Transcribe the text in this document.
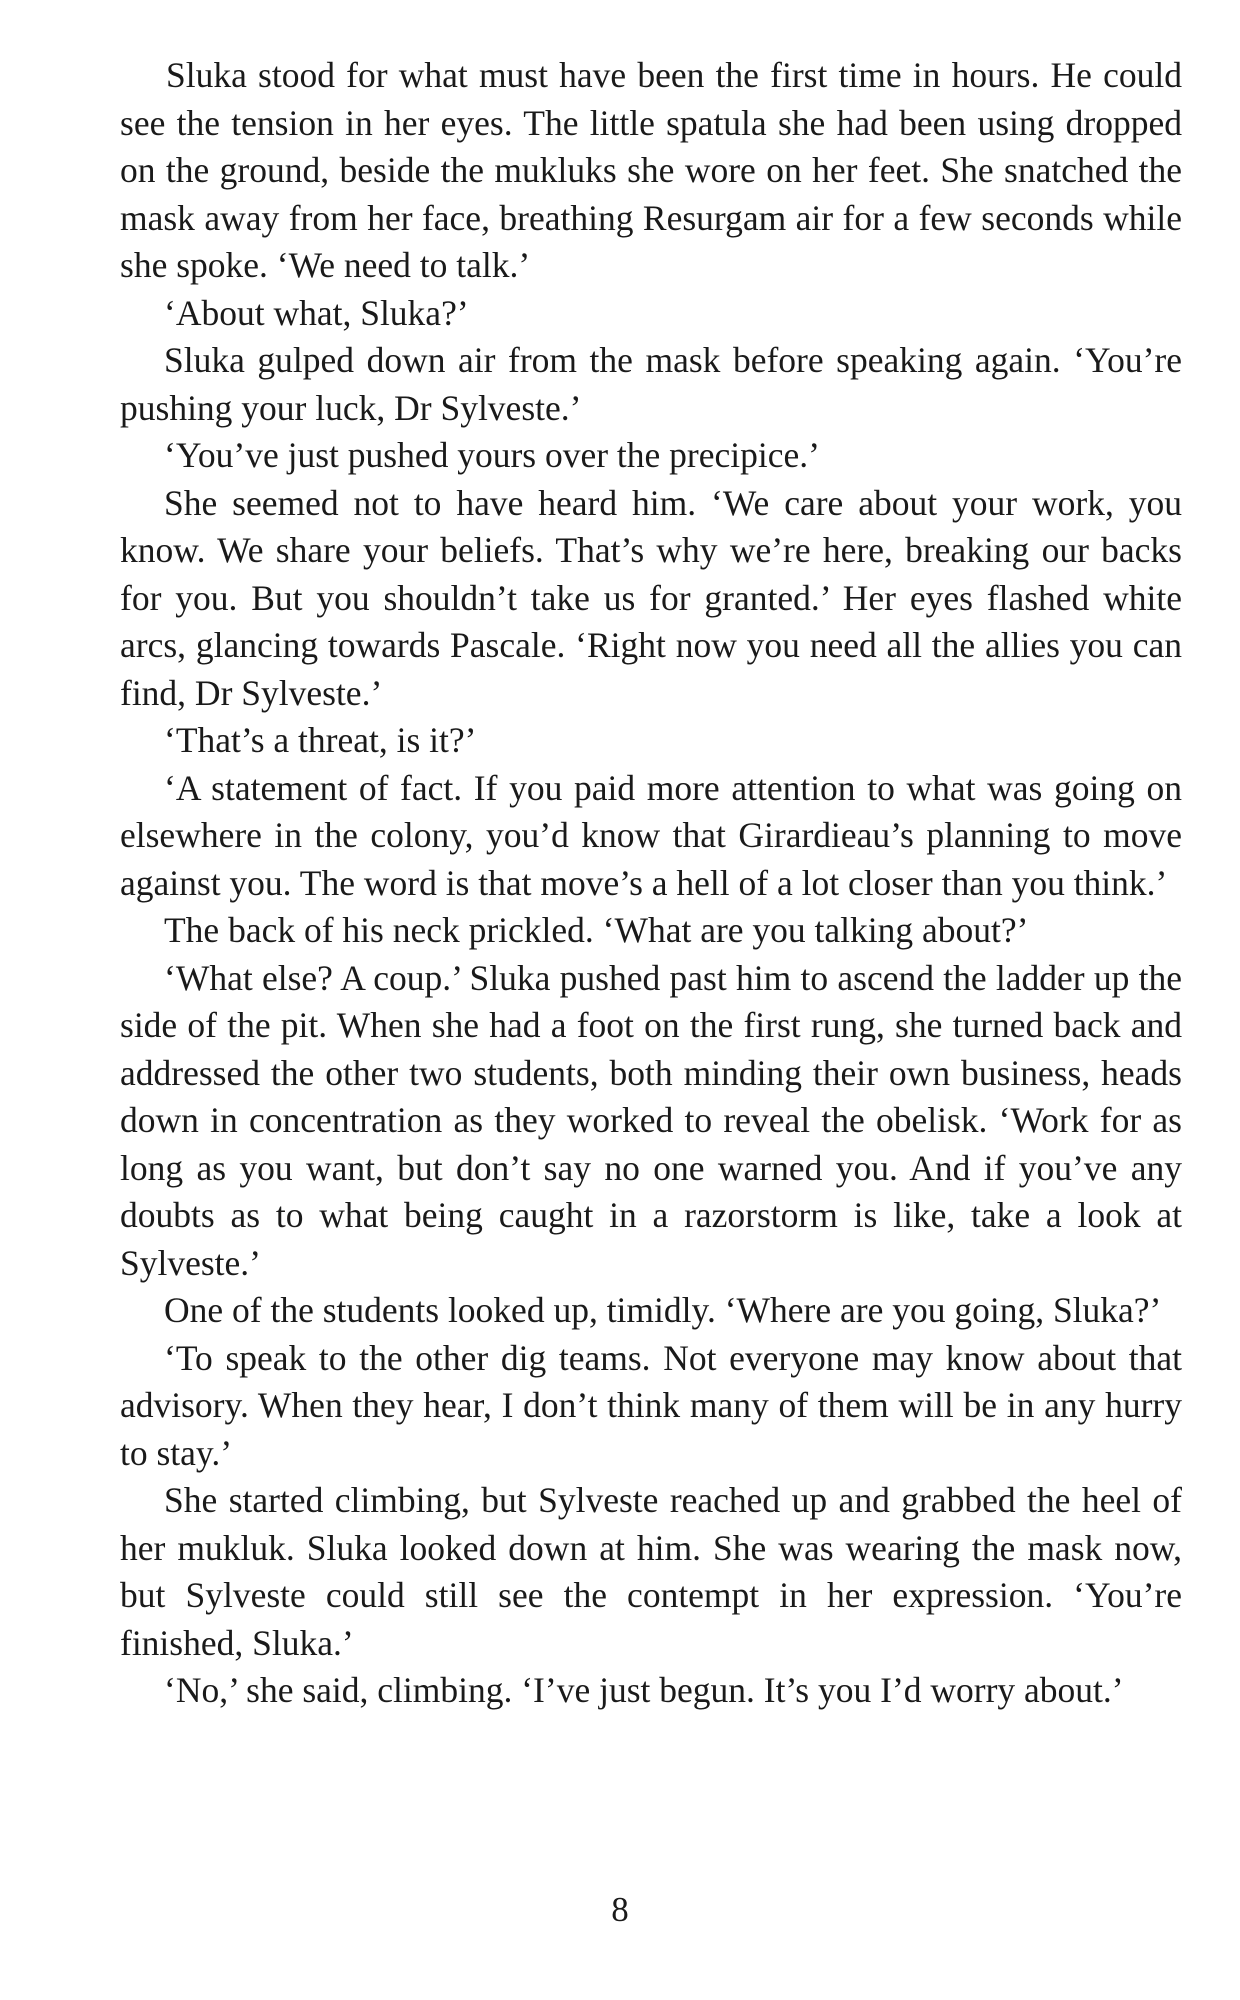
Sluka stood for what must have been the first time in hours. He could see the tension in her eyes. The little spatula she had been using dropped on the ground, beside the mukluks she wore on her feet. She snatched the mask away from her face, breathing Resurgam air for a few seconds while she spoke. ‘We need to talk.’

‘About what, Sluka?’

Sluka gulped down air from the mask before speaking again. ‘You’re pushing your luck, Dr Sylveste.’

‘You’ve just pushed yours over the precipice.’

She seemed not to have heard him. ‘We care about your work, you know. We share your beliefs. That’s why we’re here, breaking our backs for you. But you shouldn’t take us for granted.’ Her eyes flashed white arcs, glancing towards Pascale. ‘Right now you need all the allies you can find, Dr Sylveste.’

‘That’s a threat, is it?’

‘A statement of fact. If you paid more attention to what was going on elsewhere in the colony, you’d know that Girardieau’s planning to move against you. The word is that move’s a hell of a lot closer than you think.’

The back of his neck prickled. ‘What are you talking about?’

‘What else? A coup.’ Sluka pushed past him to ascend the ladder up the side of the pit. When she had a foot on the first rung, she turned back and addressed the other two students, both minding their own business, heads down in concentration as they worked to reveal the obelisk. ‘Work for as long as you want, but don’t say no one warned you. And if you’ve any doubts as to what being caught in a razorstorm is like, take a look at Sylveste.’

One of the students looked up, timidly. ‘Where are you going, Sluka?’

‘To speak to the other dig teams. Not everyone may know about that advisory. When they hear, I don’t think many of them will be in any hurry to stay.’

She started climbing, but Sylveste reached up and grabbed the heel of her mukluk. Sluka looked down at him. She was wearing the mask now, but Sylveste could still see the contempt in her expression. ‘You’re finished, Sluka.’

‘No,’ she said, climbing. ‘I’ve just begun. It’s you I’d worry about.’

8
